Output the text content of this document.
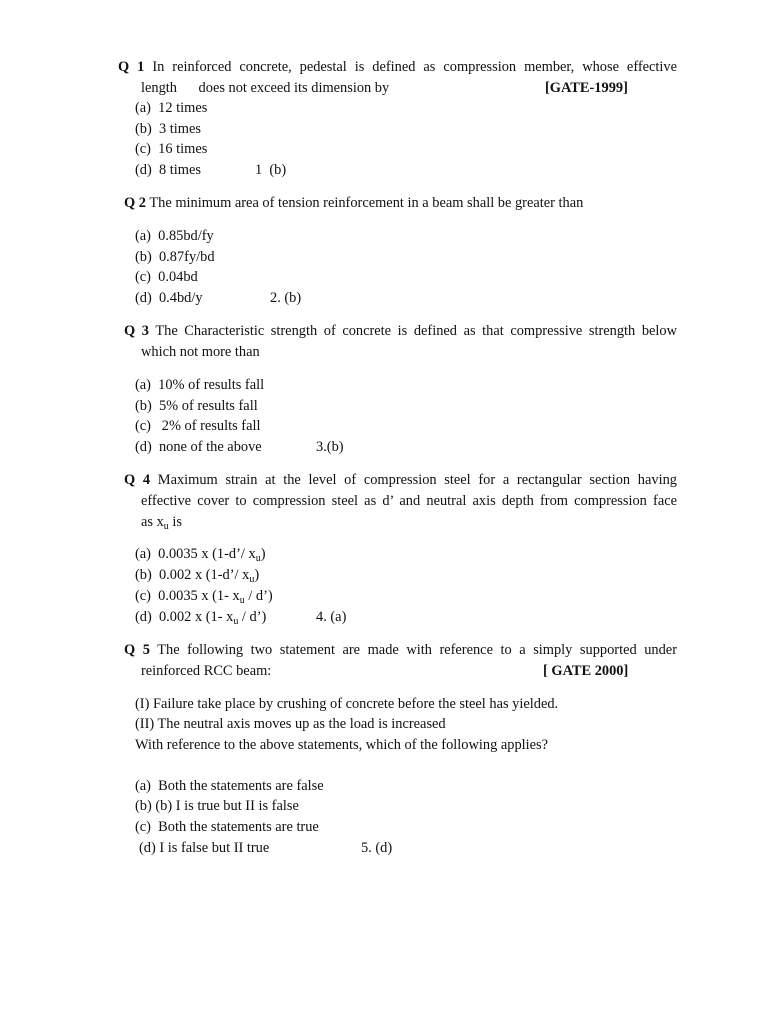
Q 1 In reinforced concrete, pedestal is defined as compression member, whose effective
length      does not exceed its dimension by	[GATE-1999]
(a)  12 times
(b)  3 times
(c)  16 times
(d)  8 times	1  (b)
Q 2 The minimum area of tension reinforcement in a beam shall be greater than
(a)  0.85bd/fy
(b)  0.87fy/bd
(c)  0.04bd
(d)  0.4bd/y	2. (b)
Q 3 The Characteristic strength of concrete is defined as that compressive strength below
which not more than
(a)  10% of results fall
(b)  5% of results fall
(c)   2% of results fall
(d)  none of the above	3.(b)
Q 4 Maximum strain at the level of compression steel for a rectangular section having
effective cover to compression steel as d’ and neutral axis depth from compression face
as $x_u$ is
(a)  0.0035 x (1-d’/ $x_u$)
(b)  0.002 x (1-d’/ $x_u$)
(c)  0.0035 x (1- $x_u$ / d’)
(d)  0.002 x (1- $x_u$ / d’)	4. (a)
Q 5 The following two statement are made with reference to a simply supported under
reinforced RCC beam:	[ GATE 2000]
(I) Failure take place by crushing of concrete before the steel has yielded.
(II) The neutral axis moves up as the load is increased
With reference to the above statements, which of the following applies?
(a)  Both the statements are false
(b) (b) I is true but II is false
(c)  Both the statements are true
(d) I is false but II true	5. (d)
